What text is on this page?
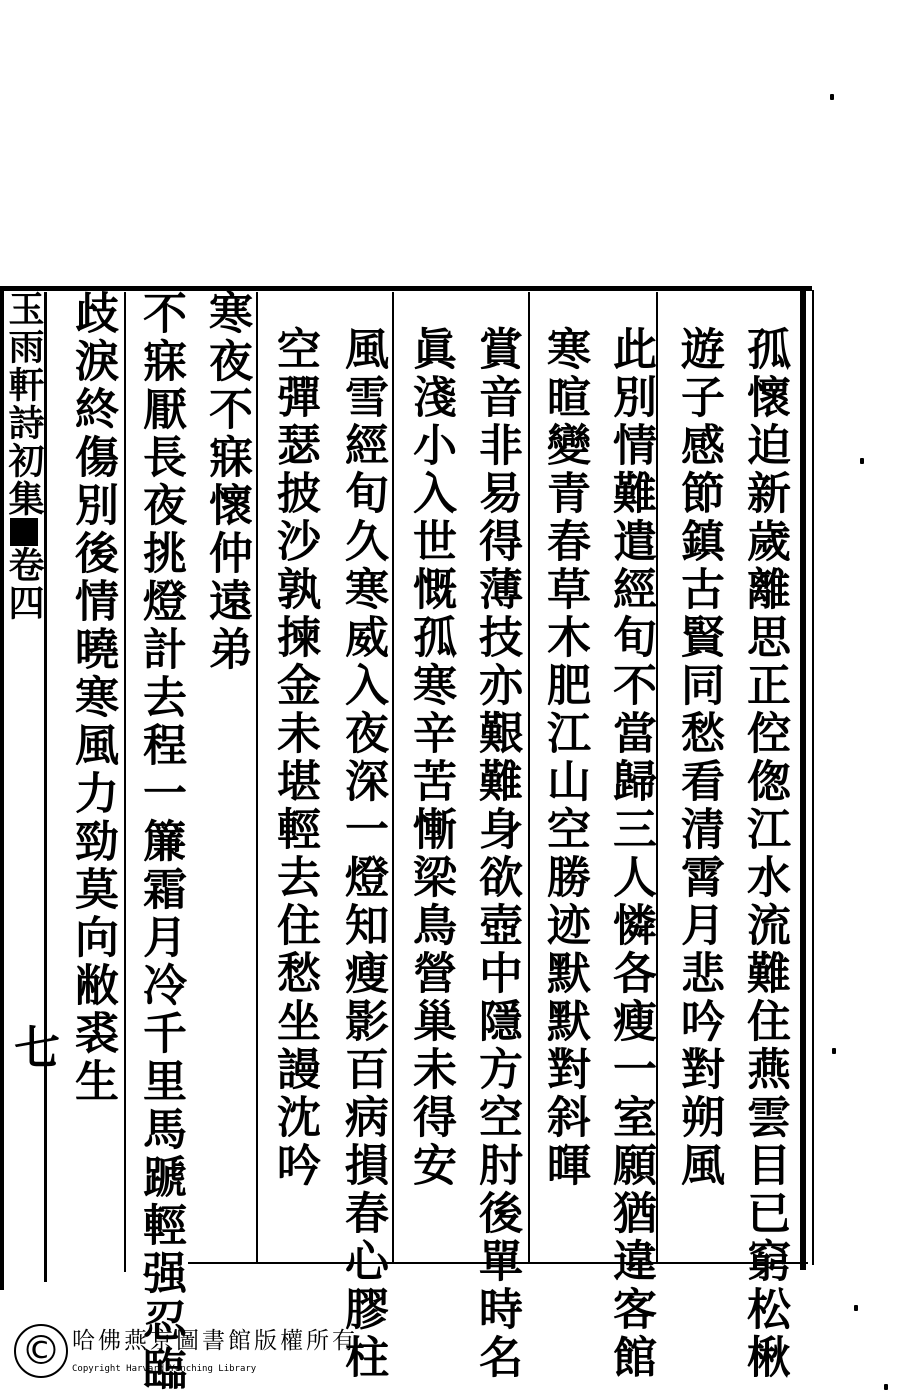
孤懷迫新歲離思正倥偬江水流難住燕雲目已窮松楸
遊子感節鎮古賢同愁看清霄月悲吟對朔風
此別情難遣經旬不當歸三人憐各瘦一室願猶違客館
寒暄變青春草木肥江山空勝迹默默對斜暉
賞音非易得薄技亦艱難身欲壺中隱方空肘後單時名
眞淺小入世慨孤寒辛苦慚梁鳥營巢未得安
風雪經旬久寒威入夜深一燈知瘦影百病損春心膠柱
空彈瑟披沙孰揀金未堪輕去住愁坐謾沈吟
寒夜不寐懷仲遠弟
不寐厭長夜挑燈計去程一簾霜月冷千里馬蹏輕强忍臨
歧淚終傷別後情曉寒風力勁莫向敝裘生
玉雨軒詩初集卷四
七
© 哈佛燕京圖書館版權所有
Copyright Harvard-Yenching Library
